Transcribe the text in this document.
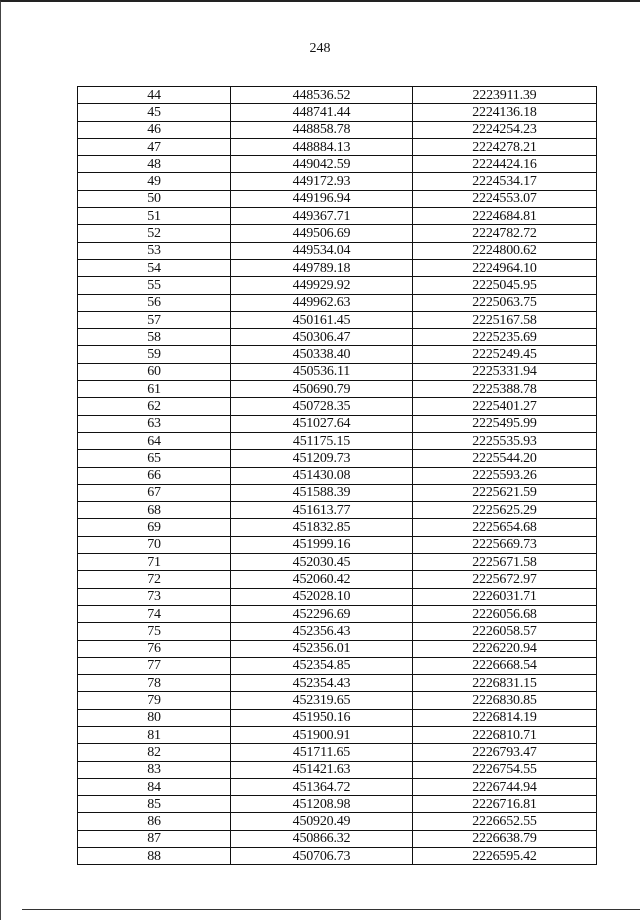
248
44	448536.52	2223911.39
45	448741.44	2224136.18
46	448858.78	2224254.23
47	448884.13	2224278.21
48	449042.59	2224424.16
49	449172.93	2224534.17
50	449196.94	2224553.07
51	449367.71	2224684.81
52	449506.69	2224782.72
53	449534.04	2224800.62
54	449789.18	2224964.10
55	449929.92	2225045.95
56	449962.63	2225063.75
57	450161.45	2225167.58
58	450306.47	2225235.69
59	450338.40	2225249.45
60	450536.11	2225331.94
61	450690.79	2225388.78
62	450728.35	2225401.27
63	451027.64	2225495.99
64	451175.15	2225535.93
65	451209.73	2225544.20
66	451430.08	2225593.26
67	451588.39	2225621.59
68	451613.77	2225625.29
69	451832.85	2225654.68
70	451999.16	2225669.73
71	452030.45	2225671.58
72	452060.42	2225672.97
73	452028.10	2226031.71
74	452296.69	2226056.68
75	452356.43	2226058.57
76	452356.01	2226220.94
77	452354.85	2226668.54
78	452354.43	2226831.15
79	452319.65	2226830.85
80	451950.16	2226814.19
81	451900.91	2226810.71
82	451711.65	2226793.47
83	451421.63	2226754.55
84	451364.72	2226744.94
85	451208.98	2226716.81
86	450920.49	2226652.55
87	450866.32	2226638.79
88	450706.73	2226595.42
